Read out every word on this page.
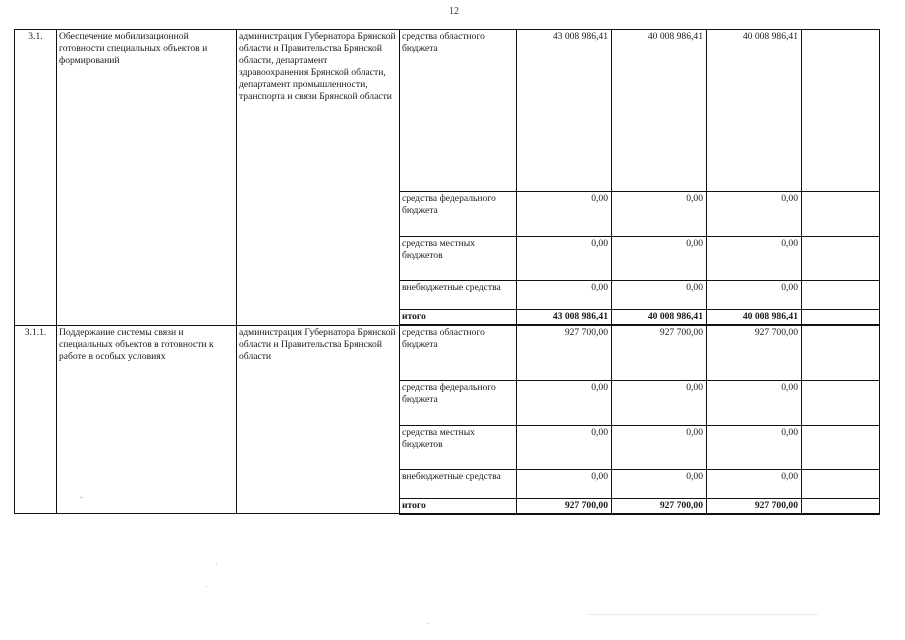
12
3.1.	Обеспечение мобилизационной готовности специальных объектов и формирований	администрация Губернатора Брянской области и Правительства Брянской области, департамент здравоохранения Брянской области, департамент промышленности, транспорта и связи Брянской области	средства областного бюджета	43 008 986,41	40 008 986,41	40 008 986,41	
			средства федерального бюджета	0,00	0,00	0,00	
			средства местных бюджетов	0,00	0,00	0,00	
			внебюджетные средства	0,00	0,00	0,00	
			итого	43 008 986,41	40 008 986,41	40 008 986,41	
3.1.1.	Поддержание системы связи и специальных объектов в готовности к работе в особых условиях	администрация Губернатора Брянской области и Правительства Брянской области	средства областного бюджета	927 700,00	927 700,00	927 700,00	
			средства федерального бюджета	0,00	0,00	0,00	
			средства местных бюджетов	0,00	0,00	0,00	
			внебюджетные средства	0,00	0,00	0,00	
			итого	927 700,00	927 700,00	927 700,00	
